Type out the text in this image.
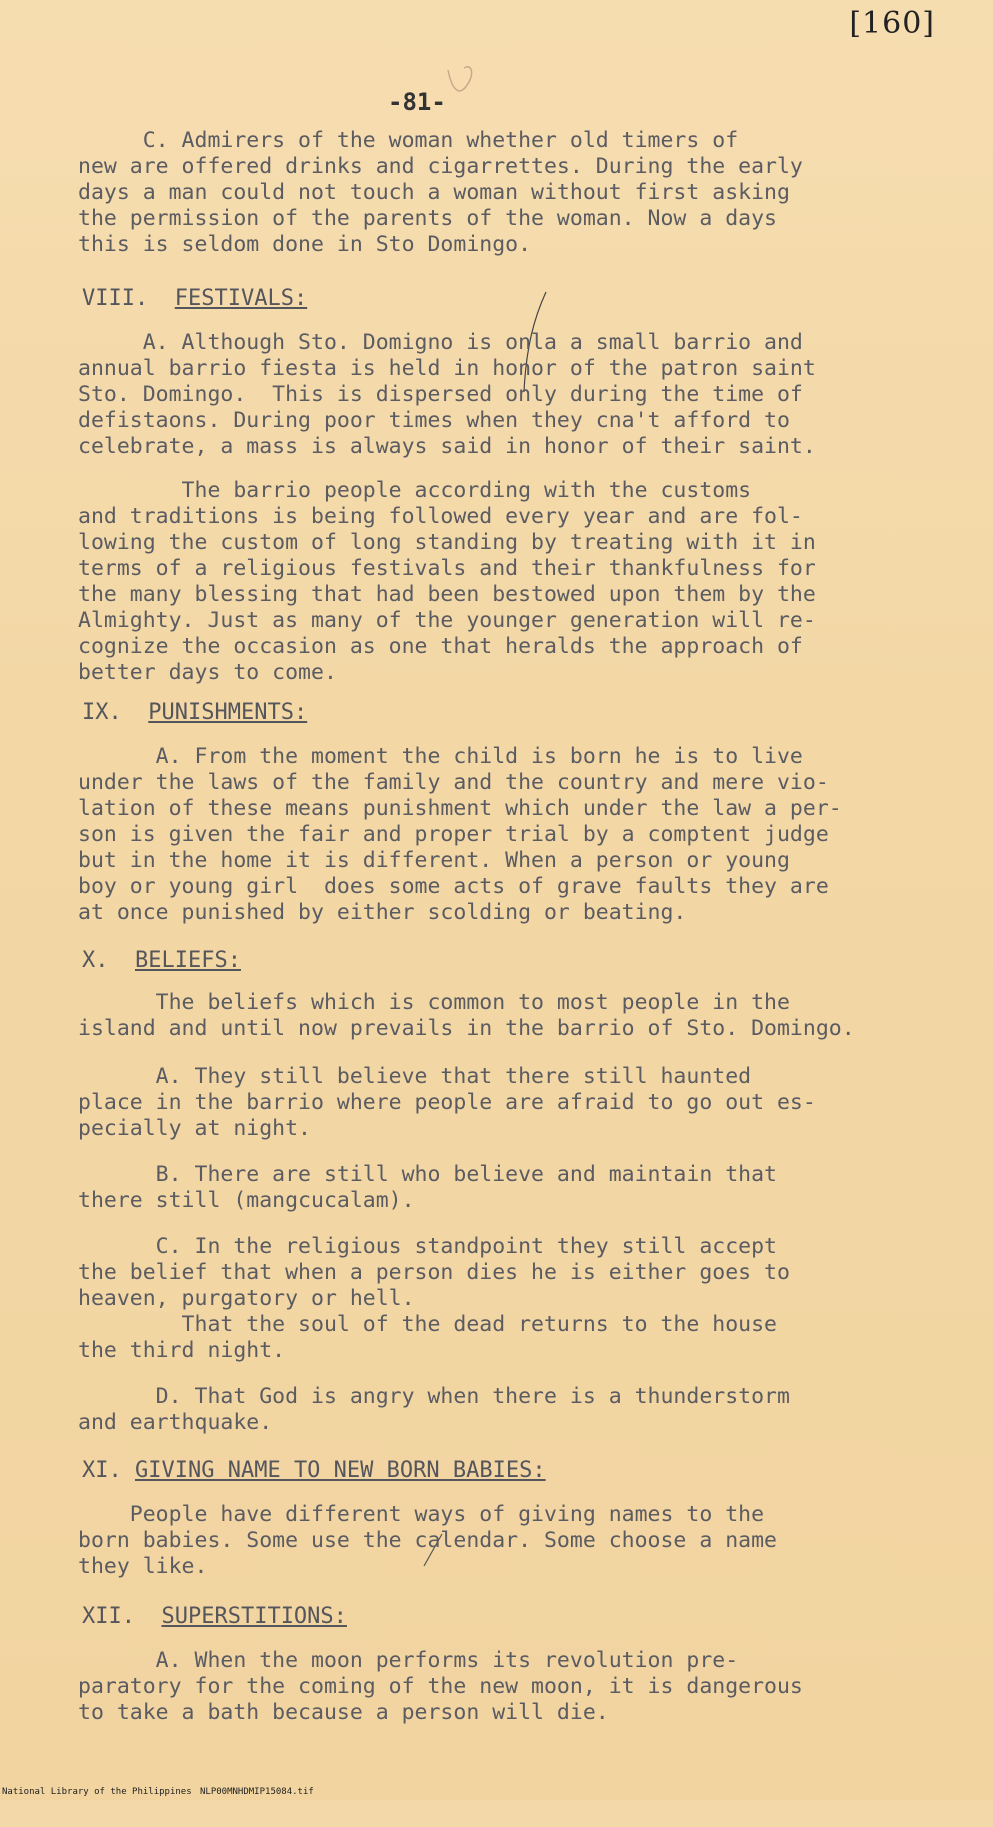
[160]
-81-
C. Admirers of the woman whether old timers of
new are offered drinks and cigarrettes. During the early
days a man could not touch a woman without first asking
the permission of the parents of the woman. Now a days
this is seldom done in Sto Domingo.
VIII. FESTIVALS:
A. Although Sto. Domigno is onla a small barrio and
annual barrio fiesta is held in honor of the patron saint
Sto. Domingo.  This is dispersed only during the time of
defistaons. During poor times when they cna't afford to
celebrate, a mass is always said in honor of their saint.
The barrio people according with the customs
and traditions is being followed every year and are fol-
lowing the custom of long standing by treating with it in
terms of a religious festivals and their thankfulness for
the many blessing that had been bestowed upon them by the
Almighty. Just as many of the younger generation will re-
cognize the occasion as one that heralds the approach of
better days to come.
IX. PUNISHMENTS:
A. From the moment the child is born he is to live
under the laws of the family and the country and mere vio-
lation of these means punishment which under the law a per-
son is given the fair and proper trial by a comptent judge
but in the home it is different. When a person or young
boy or young girl  does some acts of grave faults they are
at once punished by either scolding or beating.
X. BELIEFS:
The beliefs which is common to most people in the
island and until now prevails in the barrio of Sto. Domingo.
A. They still believe that there still haunted
place in the barrio where people are afraid to go out es-
pecially at night.
B. There are still who believe and maintain that
there still (mangcucalam).
C. In the religious standpoint they still accept
the belief that when a person dies he is either goes to
heaven, purgatory or hell.
That the soul of the dead returns to the house
the third night.
D. That God is angry when there is a thunderstorm
and earthquake.
XI. GIVING NAME TO NEW BORN BABIES:
People have different ways of giving names to the
born babies. Some use the calendar. Some choose a name
they like.
XII. SUPERSTITIONS:
A. When the moon performs its revolution pre-
paratory for the coming of the new moon, it is dangerous
to take a bath because a person will die.

National Library of the Philippines

NLP00MNHDMIP15084.tif
